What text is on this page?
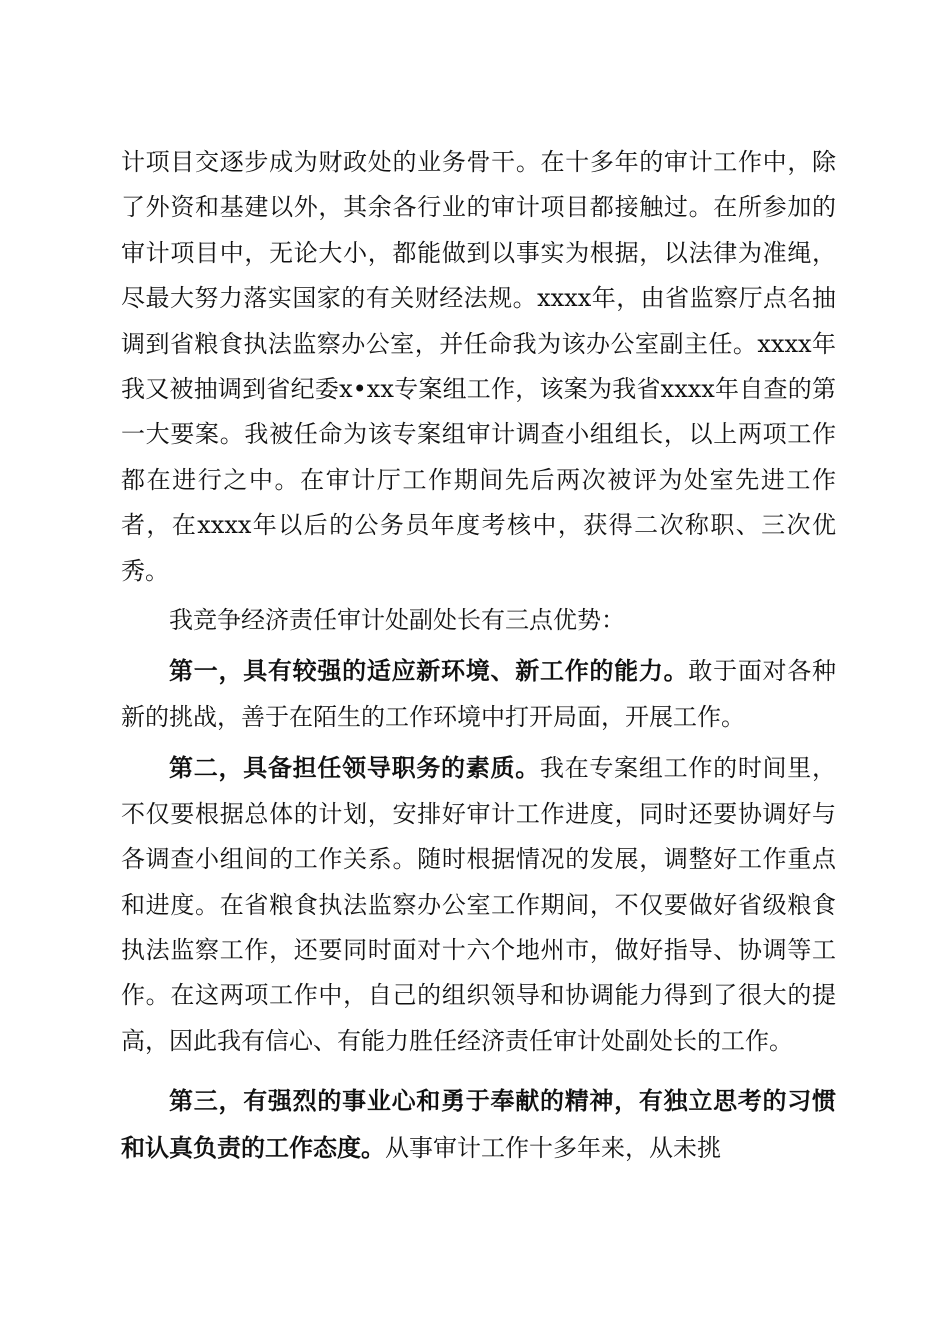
计项目交逐步成为财政处的业务骨干。在十多年的审计工作中，除了外资和基建以外，其余各行业的审计项目都接触过。在所参加的审计项目中，无论大小，都能做到以事实为根据，以法律为准绳，尽最大努力落实国家的有关财经法规。xxxx年，由省监察厅点名抽调到省粮食执法监察办公室，并任命我为该办公室副主任。xxxx年我又被抽调到省纪委x•xx专案组工作，该案为我省xxxx年自查的第一大要案。我被任命为该专案组审计调查小组组长，以上两项工作都在进行之中。在审计厅工作期间先后两次被评为处室先进工作者，在xxxx年以后的公务员年度考核中，获得二次称职、三次优秀。

我竞争经济责任审计处副处长有三点优势：

第一，具有较强的适应新环境、新工作的能力。敢于面对各种新的挑战，善于在陌生的工作环境中打开局面，开展工作。

第二，具备担任领导职务的素质。我在专案组工作的时间里，不仅要根据总体的计划，安排好审计工作进度，同时还要协调好与各调查小组间的工作关系。随时根据情况的发展，调整好工作重点和进度。在省粮食执法监察办公室工作期间，不仅要做好省级粮食执法监察工作，还要同时面对十六个地州市，做好指导、协调等工作。在这两项工作中，自己的组织领导和协调能力得到了很大的提高，因此我有信心、有能力胜任经济责任审计处副处长的工作。

第三，有强烈的事业心和勇于奉献的精神，有独立思考的习惯和认真负责的工作态度。从事审计工作十多年来，从未挑
